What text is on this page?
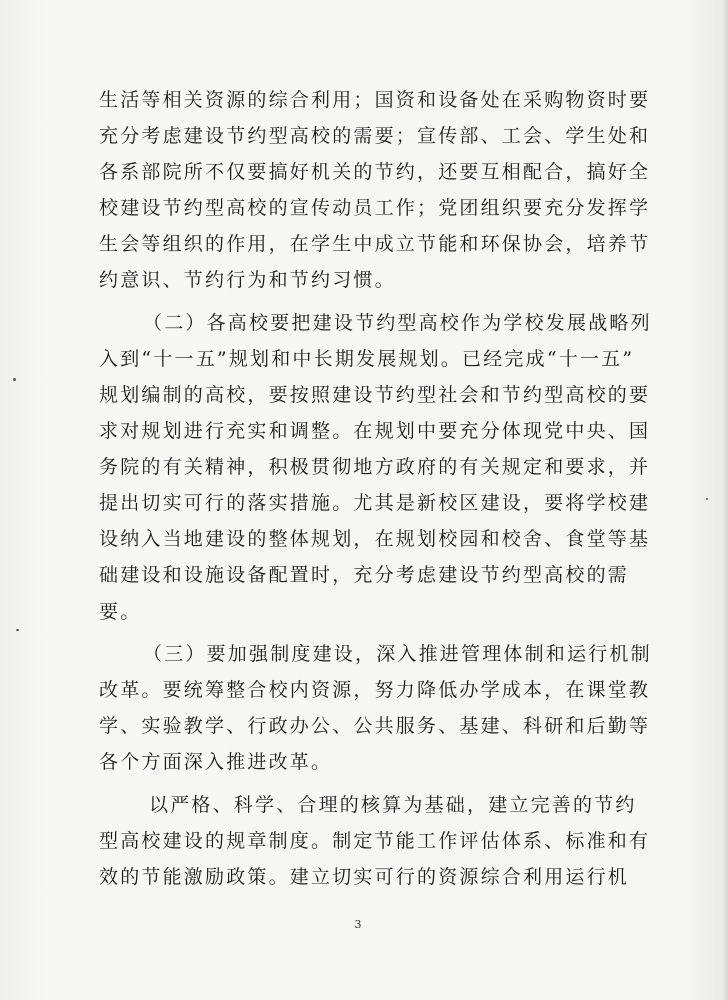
生活等相关资源的综合利用；国资和设备处在采购物资时要
充分考虑建设节约型高校的需要；宣传部、工会、学生处和
各系部院所不仅要搞好机关的节约，还要互相配合，搞好全
校建设节约型高校的宣传动员工作；党团组织要充分发挥学
生会等组织的作用，在学生中成立节能和环保协会，培养节
约意识、节约行为和节约习惯。
（二）各高校要把建设节约型高校作为学校发展战略列
入到“十一五”规划和中长期发展规划。已经完成“十一五”
规划编制的高校，要按照建设节约型社会和节约型高校的要
求对规划进行充实和调整。在规划中要充分体现党中央、国
务院的有关精神，积极贯彻地方政府的有关规定和要求，并
提出切实可行的落实措施。尤其是新校区建设，要将学校建
设纳入当地建设的整体规划，在规划校园和校舍、食堂等基
础建设和设施设备配置时，充分考虑建设节约型高校的需
要。
（三）要加强制度建设，深入推进管理体制和运行机制
改革。要统筹整合校内资源，努力降低办学成本，在课堂教
学、实验教学、行政办公、公共服务、基建、科研和后勤等
各个方面深入推进改革。
以严格、科学、合理的核算为基础，建立完善的节约
型高校建设的规章制度。制定节能工作评估体系、标准和有
效的节能激励政策。建立切实可行的资源综合利用运行机
3
